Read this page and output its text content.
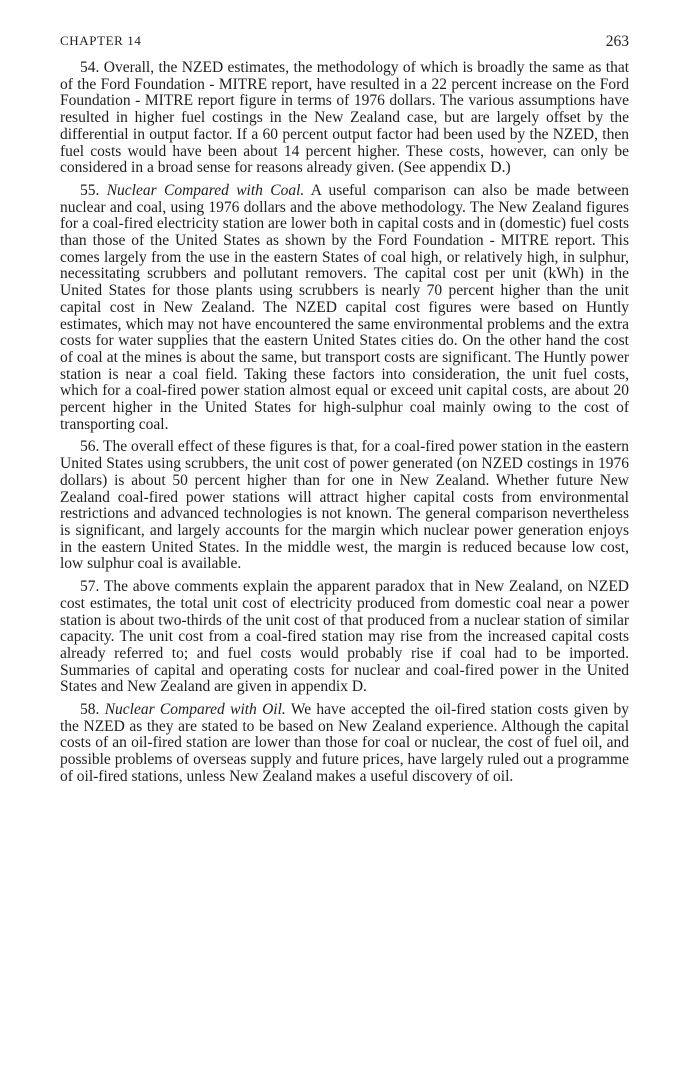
CHAPTER 14	263

54. Overall, the NZED estimates, the methodology of which is broadly the same as that of the Ford Foundation - MITRE report, have resulted in a 22 percent increase on the Ford Foundation - MITRE report figure in terms of 1976 dollars. The various assumptions have resulted in higher fuel costings in the New Zealand case, but are largely offset by the differential in output factor. If a 60 percent output factor had been used by the NZED, then fuel costs would have been about 14 percent higher. These costs, however, can only be considered in a broad sense for reasons already given. (See appendix D.)

55. Nuclear Compared with Coal. A useful comparison can also be made between nuclear and coal, using 1976 dollars and the above methodology. The New Zealand figures for a coal-fired electricity station are lower both in capital costs and in (domestic) fuel costs than those of the United States as shown by the Ford Foundation - MITRE report. This comes largely from the use in the eastern States of coal high, or relatively high, in sulphur, necessitating scrubbers and pollutant removers. The capital cost per unit (kWh) in the United States for those plants using scrubbers is nearly 70 percent higher than the unit capital cost in New Zealand. The NZED capital cost figures were based on Huntly estimates, which may not have encountered the same environmental problems and the extra costs for water supplies that the eastern United States cities do. On the other hand the cost of coal at the mines is about the same, but transport costs are significant. The Huntly power station is near a coal field. Taking these factors into consideration, the unit fuel costs, which for a coal-fired power station almost equal or exceed unit capital costs, are about 20 percent higher in the United States for high-sulphur coal mainly owing to the cost of transporting coal.

56. The overall effect of these figures is that, for a coal-fired power station in the eastern United States using scrubbers, the unit cost of power generated (on NZED costings in 1976 dollars) is about 50 percent higher than for one in New Zealand. Whether future New Zealand coal-fired power stations will attract higher capital costs from environmental restrictions and advanced technologies is not known. The general comparison nevertheless is significant, and largely accounts for the margin which nuclear power generation enjoys in the eastern United States. In the middle west, the margin is reduced because low cost, low sulphur coal is available.

57. The above comments explain the apparent paradox that in New Zealand, on NZED cost estimates, the total unit cost of electricity produced from domestic coal near a power station is about two-thirds of the unit cost of that produced from a nuclear station of similar capacity. The unit cost from a coal-fired station may rise from the increased capital costs already referred to; and fuel costs would probably rise if coal had to be imported. Summaries of capital and operating costs for nuclear and coal-fired power in the United States and New Zealand are given in appendix D.

58. Nuclear Compared with Oil. We have accepted the oil-fired station costs given by the NZED as they are stated to be based on New Zealand experience. Although the capital costs of an oil-fired station are lower than those for coal or nuclear, the cost of fuel oil, and possible problems of overseas supply and future prices, have largely ruled out a programme of oil-fired stations, unless New Zealand makes a useful discovery of oil.
